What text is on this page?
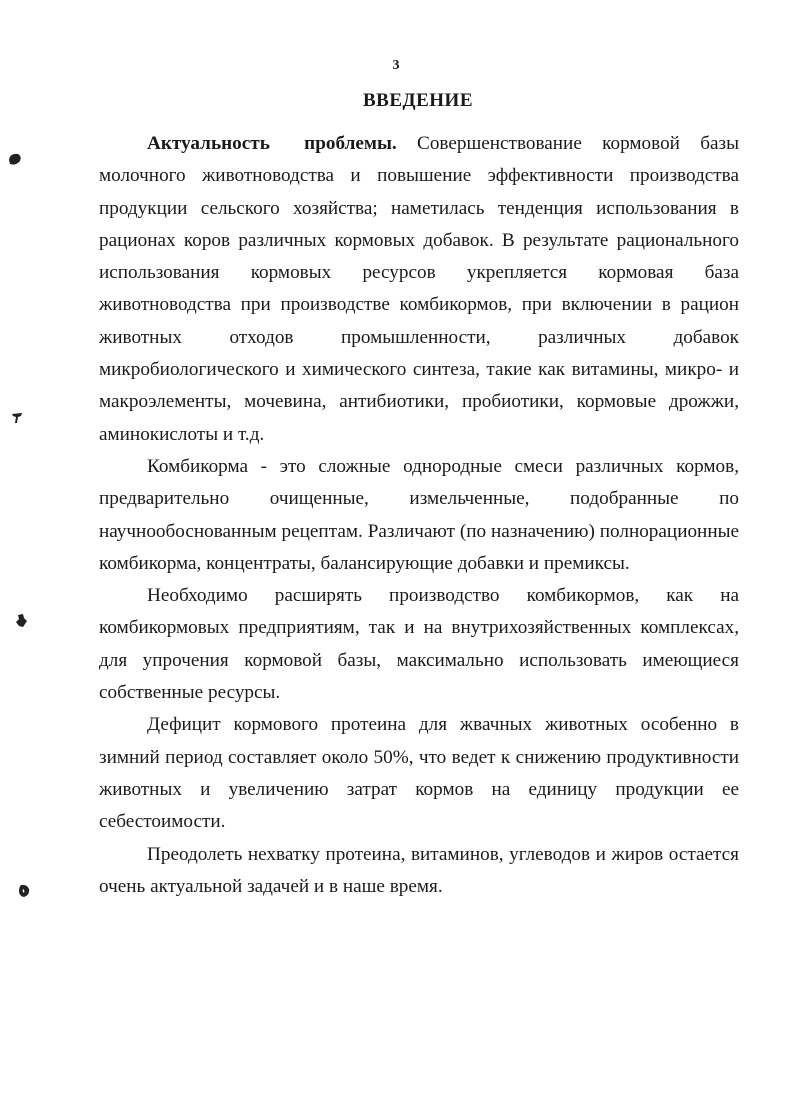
3
ВВЕДЕНИЕ

Актуальность проблемы. Совершенствование кормовой базы молочного животноводства и повышение эффективности производства продукции сельского хозяйства; наметилась тенденция использования в рационах коров различных кормовых добавок. В результате рационального использования кормовых ресурсов укрепляется кормовая база животноводства при производстве комбикормов, при включении в рацион животных отходов промышленности, различных добавок микробиологического и химического синтеза, такие как витамины, микро- и макроэлементы, мочевина, антибиотики, пробиотики, кормовые дрожжи, аминокислоты и т.д.

Комбикорма - это сложные однородные смеси различных кормов, предварительно очищенные, измельченные, подобранные по научнообоснованным рецептам. Различают (по назначению) полнорационные комбикорма, концентраты, балансирующие добавки и премиксы.

Необходимо расширять производство комбикормов, как на комбикормовых предприятиям, так и на внутрихозяйственных комплексах, для упрочения кормовой базы, максимально использовать имеющиеся собственные ресурсы.

Дефицит кормового протеина для жвачных животных особенно в зимний период составляет около 50%, что ведет к снижению продуктивности животных и увеличению затрат кормов на единицу продукции ее себестоимости.

Преодолеть нехватку протеина, витаминов, углеводов и жиров остается очень актуальной задачей и в наше время.
